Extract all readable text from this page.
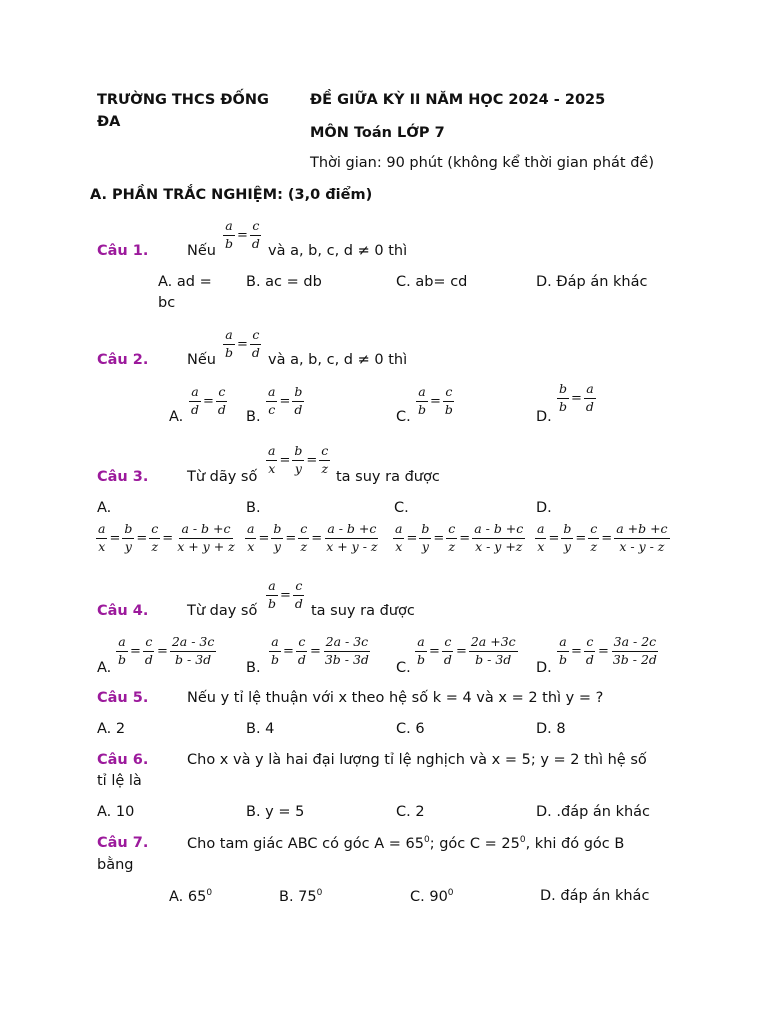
TRƯỜNG THCS ĐỐNG
ĐA
ĐỀ GIỮA KỲ II NĂM HỌC 2024 - 2025
MÔN Toán LỚP 7
Thời gian: 90 phút (không kể thời gian phát đề)
A. PHẦN TRẮC NGHIỆM: (3,0 điểm)
Câu 1.	Nếu
$\frac{a}{b} = \frac{c}{d}$
và a, b, c, d ≠ 0 thì
A. ad =
bc
B. ac = db	C. ab= cd	D. Đáp án khác
Câu 2.	Nếu
$\frac{a}{b} = \frac{c}{d}$
và a, b, c, d ≠ 0 thì
A.
$\frac{a}{d} = \frac{c}{d}$
B.
$\frac{a}{c} = \frac{b}{d}$
C.
$\frac{a}{b} = \frac{c}{b}$
D.
$\frac{b}{b} = \frac{a}{d}$
Câu 3.	Từ dãy số
$\frac{a}{x} = \frac{b}{y} = \frac{c}{z}$
ta suy ra được
A.
$\frac{a}{x} = \frac{b}{y} = \frac{c}{z} = \frac{a - b +c}{x + y + z}$
B.
$\frac{a}{x} = \frac{b}{y} = \frac{c}{z} = \frac{a - b +c}{x + y - z}$
C.
$\frac{a}{x} = \frac{b}{y} = \frac{c}{z} = \frac{a - b +c}{x - y +z}$
D.
$\frac{a}{x} = \frac{b}{y} = \frac{c}{z} = \frac{a +b +c}{x - y - z}$
Câu 4.	Từ day số
$\frac{a}{b} = \frac{c}{d}$
ta suy ra được
A.
$\frac{a}{b} = \frac{c}{d} = \frac{2a - 3c}{b - 3d}$
B.
$\frac{a}{b} = \frac{c}{d} = \frac{2a - 3c}{3b - 3d}$
C.
$\frac{a}{b} = \frac{c}{d} = \frac{2a +3c}{b - 3d}$
D.
$\frac{a}{b} = \frac{c}{d} = \frac{3a - 2c}{3b - 2d}$
Câu 5.	Nếu y tỉ lệ thuận với x theo hệ số k = 4 và x = 2 thì y = ?
A. 2	B. 4	C. 6	D. 8
Câu 6.	Cho x và y là hai đại lượng tỉ lệ nghịch và x = 5; y = 2 thì hệ số
tỉ lệ là
A. 10	B. y = 5	C. 2	D. .đáp án khác
Câu 7.	Cho tam giác ABC có góc $A = 65^0$; góc $C = 25^0$, khi đó góc B
bằng
A. $65^0$	B. $75^0$	C. $90^0$	D. đáp án khác
